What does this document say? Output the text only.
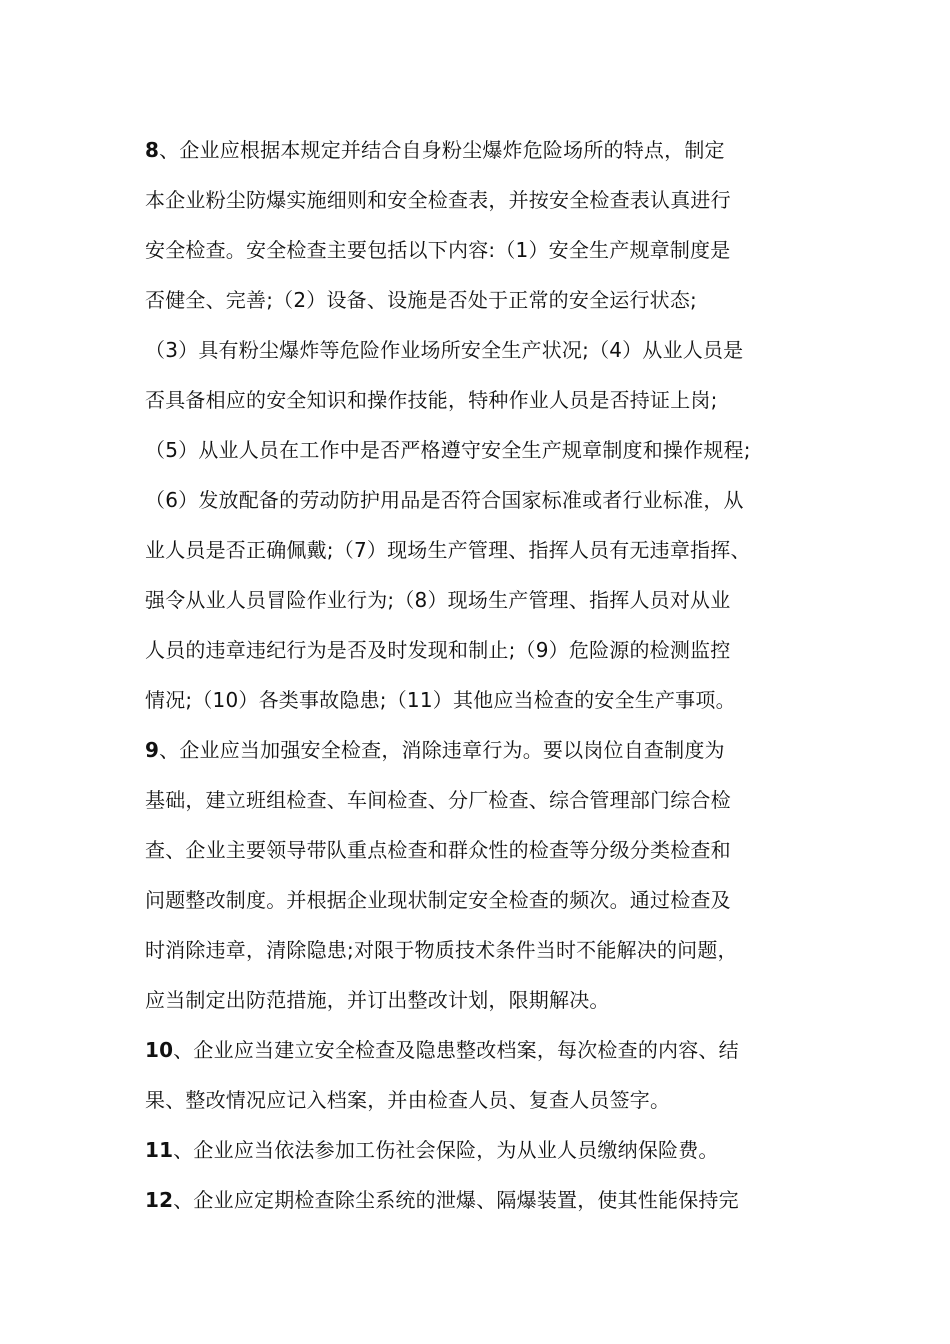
8、企业应根据本规定并结合自身粉尘爆炸危险场所的特点，制定
本企业粉尘防爆实施细则和安全检查表，并按安全检查表认真进行
安全检查。安全检查主要包括以下内容:（1）安全生产规章制度是
否健全、完善;（2）设备、设施是否处于正常的安全运行状态;
（3）具有粉尘爆炸等危险作业场所安全生产状况;（4）从业人员是
否具备相应的安全知识和操作技能，特种作业人员是否持证上岗;
（5）从业人员在工作中是否严格遵守安全生产规章制度和操作规程;
（6）发放配备的劳动防护用品是否符合国家标准或者行业标准，从
业人员是否正确佩戴;（7）现场生产管理、指挥人员有无违章指挥、
强令从业人员冒险作业行为;（8）现场生产管理、指挥人员对从业
人员的违章违纪行为是否及时发现和制止;（9）危险源的检测监控
情况;（10）各类事故隐患;（11）其他应当检查的安全生产事项。
9、企业应当加强安全检查，消除违章行为。要以岗位自查制度为
基础，建立班组检查、车间检查、分厂检查、综合管理部门综合检
查、企业主要领导带队重点检查和群众性的检查等分级分类检查和
问题整改制度。并根据企业现状制定安全检查的频次。通过检查及
时消除违章，清除隐患;对限于物质技术条件当时不能解决的问题，
应当制定出防范措施，并订出整改计划，限期解决。
10、企业应当建立安全检查及隐患整改档案，每次检查的内容、结
果、整改情况应记入档案，并由检查人员、复查人员签字。
11、企业应当依法参加工伤社会保险，为从业人员缴纳保险费。
12、企业应定期检查除尘系统的泄爆、隔爆装置，使其性能保持完
